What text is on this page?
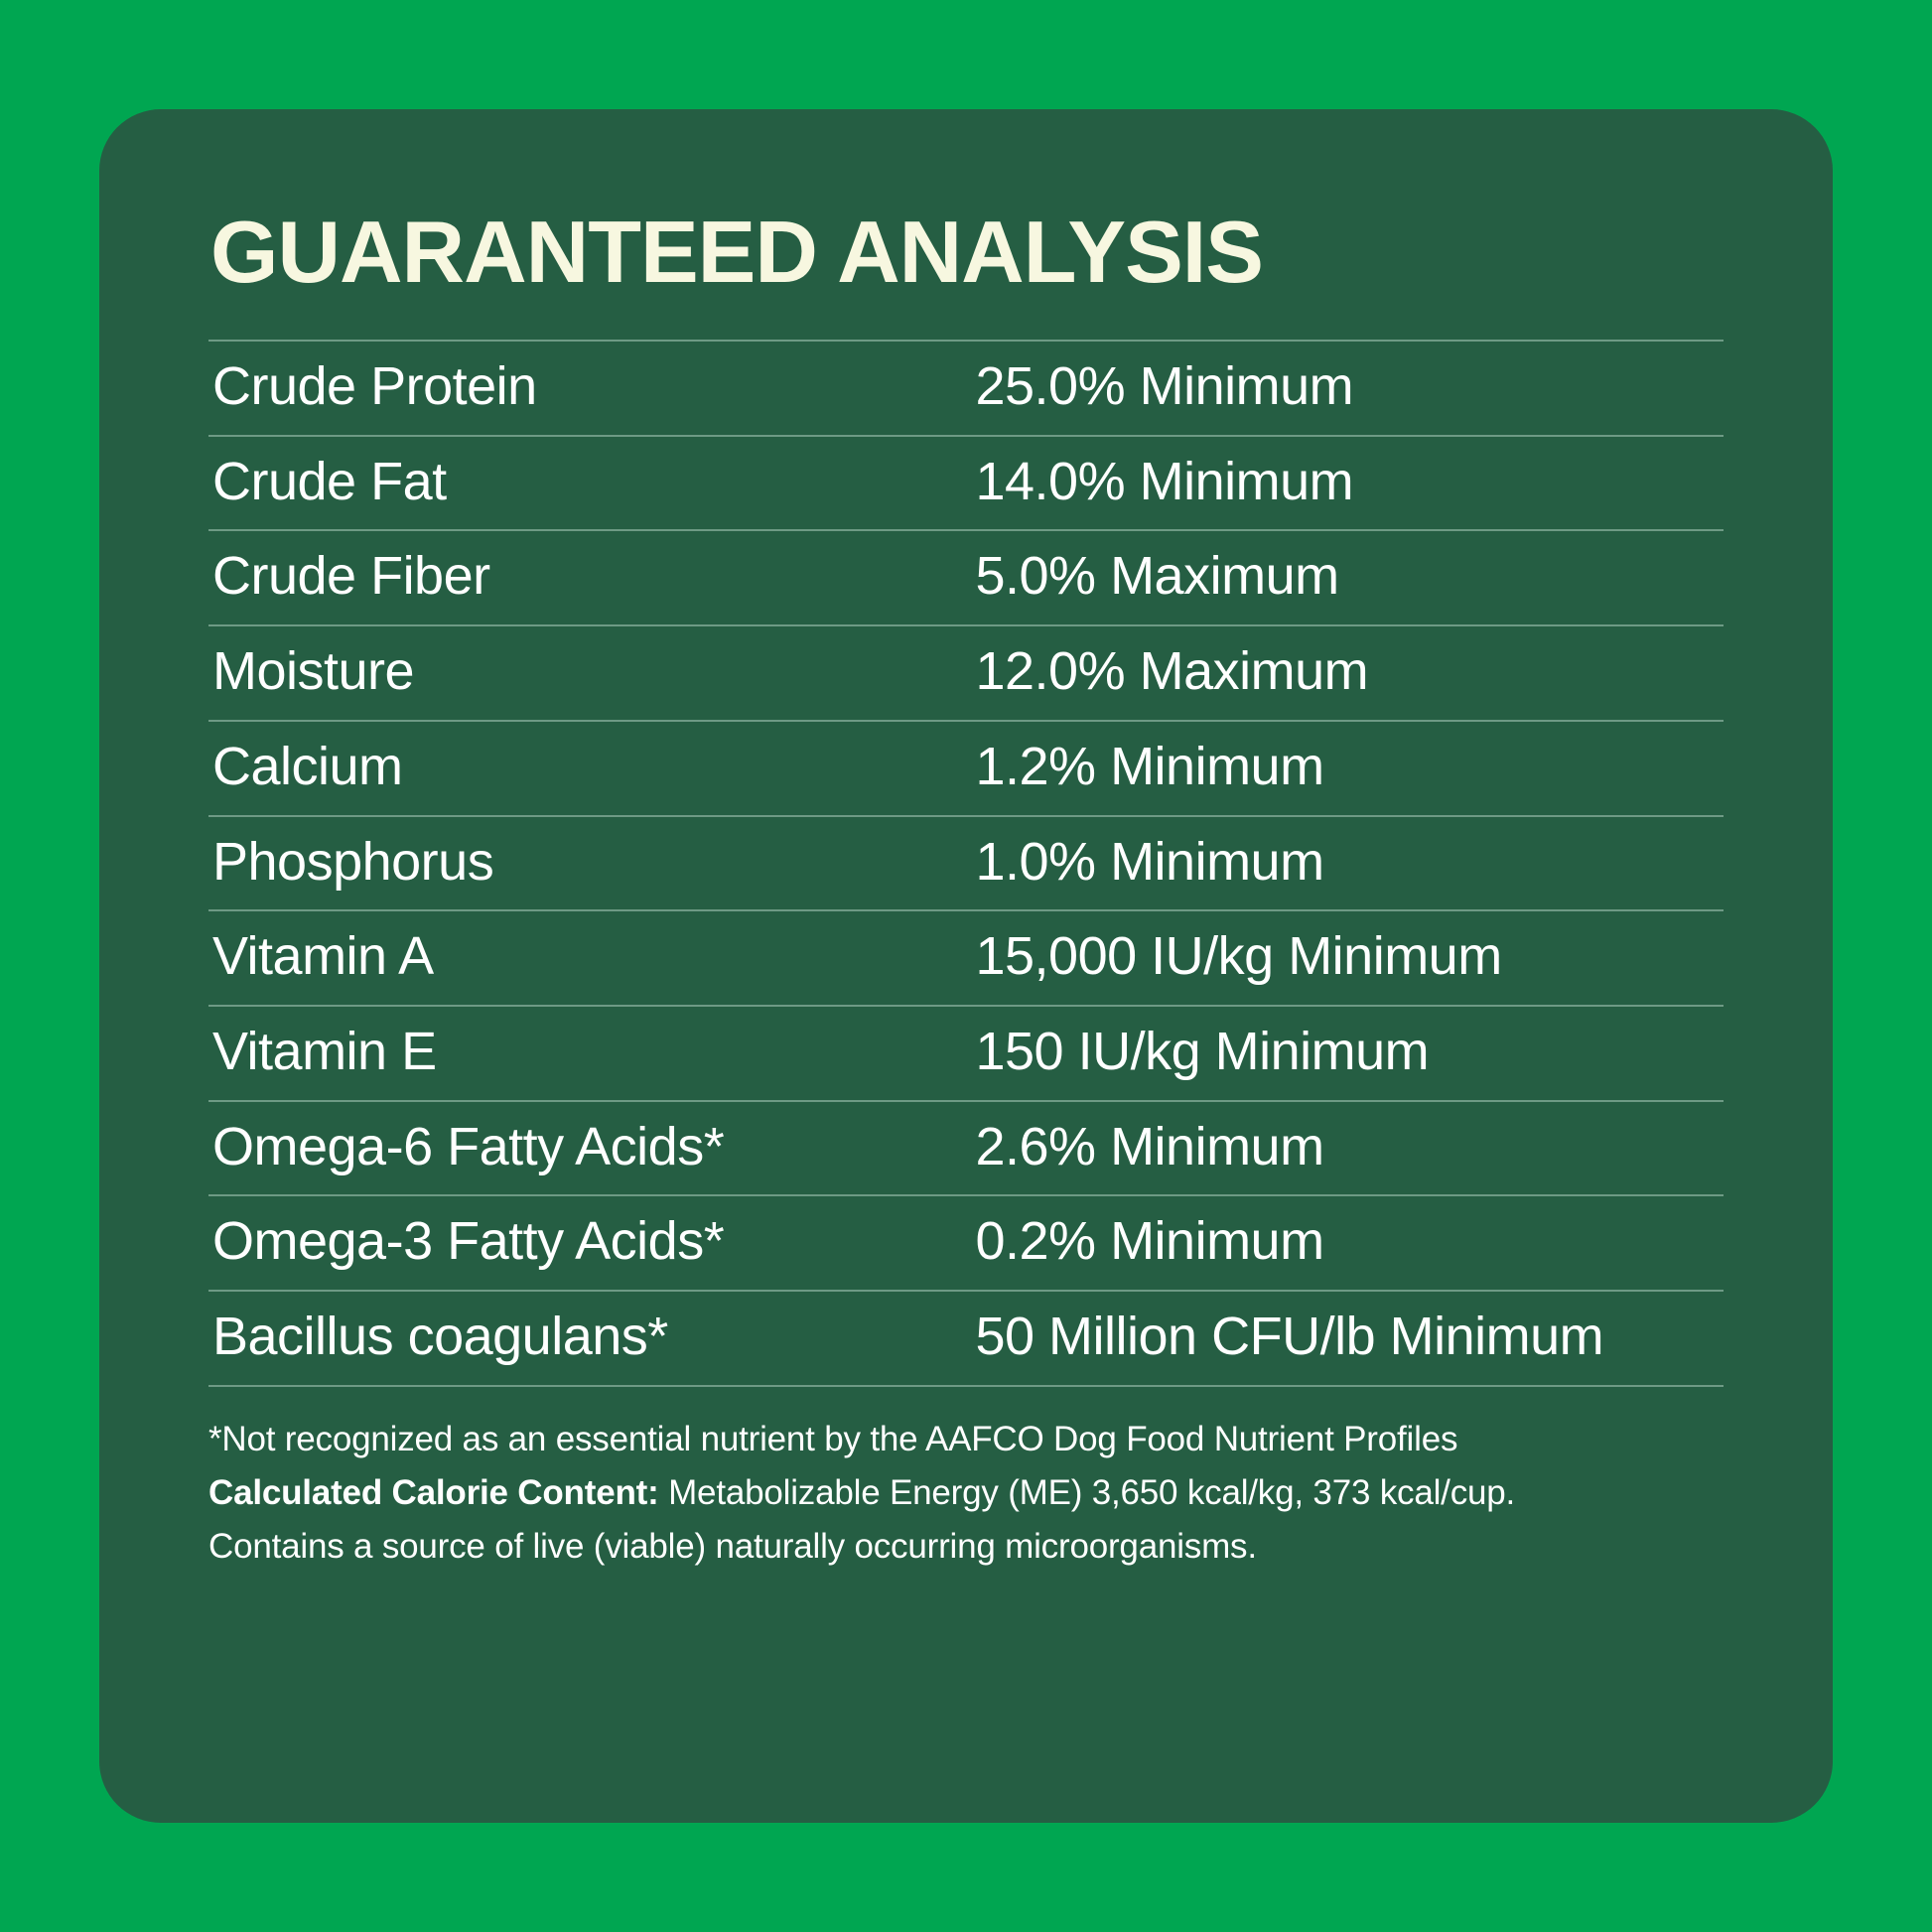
GUARANTEED ANALYSIS
Crude Protein	25.0% Minimum
Crude Fat	14.0% Minimum
Crude Fiber	5.0% Maximum
Moisture	12.0% Maximum
Calcium	1.2% Minimum
Phosphorus	1.0% Minimum
Vitamin A	15,000 IU/kg Minimum
Vitamin E	150 IU/kg Minimum
Omega-6 Fatty Acids*	2.6% Minimum
Omega-3 Fatty Acids*	0.2% Minimum
Bacillus coagulans*	50 Million CFU/lb Minimum
*Not recognized as an essential nutrient by the AAFCO Dog Food Nutrient Profiles
Calculated Calorie Content: Metabolizable Energy (ME) 3,650 kcal/kg, 373 kcal/cup.
Contains a source of live (viable) naturally occurring microorganisms.
